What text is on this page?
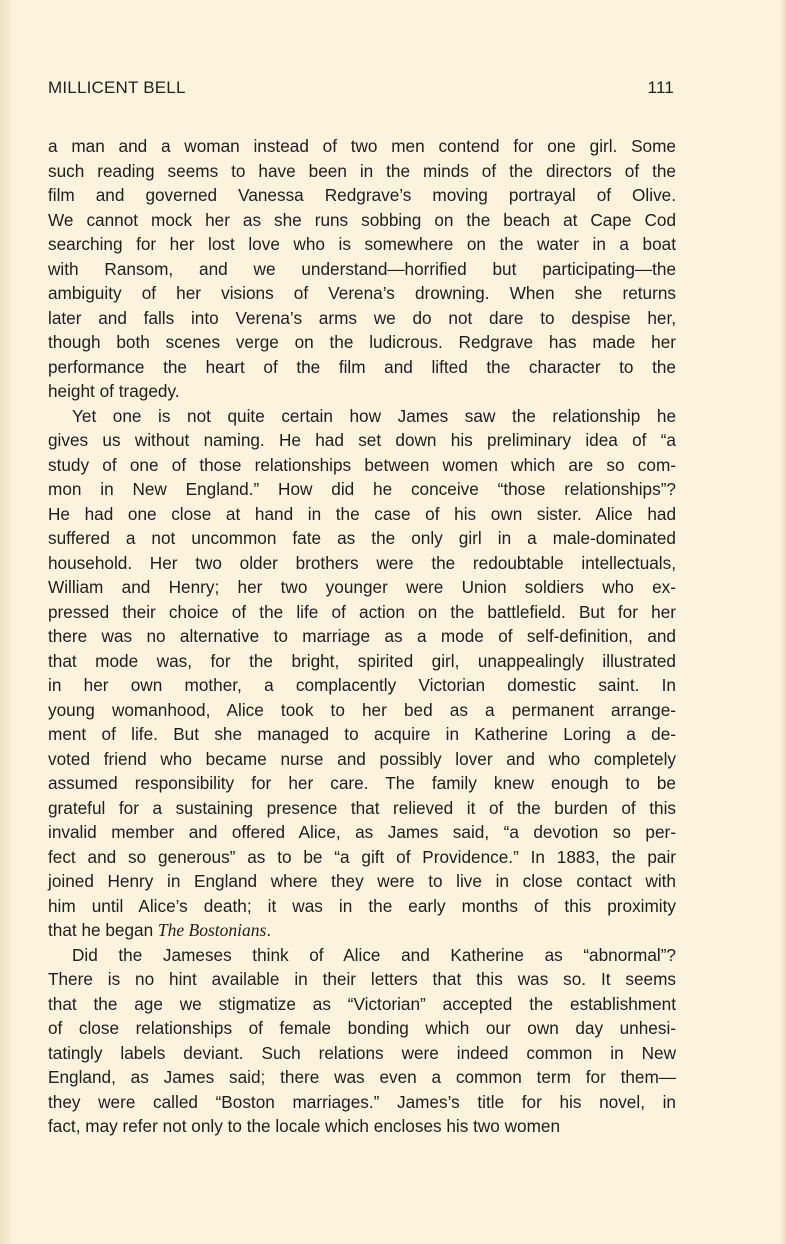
MILLICENT BELL	111
a man and a woman instead of two men contend for one girl. Some
such reading seems to have been in the minds of the directors of the
film and governed Vanessa Redgrave’s moving portrayal of Olive.
We cannot mock her as she runs sobbing on the beach at Cape Cod
searching for her lost love who is somewhere on the water in a boat
with Ransom, and we understand—horrified but participating—the
ambiguity of her visions of Verena’s drowning. When she returns
later and falls into Verena’s arms we do not dare to despise her,
though both scenes verge on the ludicrous. Redgrave has made her
performance the heart of the film and lifted the character to the
height of tragedy.
Yet one is not quite certain how James saw the relationship he
gives us without naming. He had set down his preliminary idea of “a
study of one of those relationships between women which are so com-
mon in New England.” How did he conceive “those relationships”?
He had one close at hand in the case of his own sister. Alice had
suffered a not uncommon fate as the only girl in a male-dominated
household. Her two older brothers were the redoubtable intellectuals,
William and Henry; her two younger were Union soldiers who ex-
pressed their choice of the life of action on the battlefield. But for her
there was no alternative to marriage as a mode of self-definition, and
that mode was, for the bright, spirited girl, unappealingly illustrated
in her own mother, a complacently Victorian domestic saint. In
young womanhood, Alice took to her bed as a permanent arrange-
ment of life. But she managed to acquire in Katherine Loring a de-
voted friend who became nurse and possibly lover and who completely
assumed responsibility for her care. The family knew enough to be
grateful for a sustaining presence that relieved it of the burden of this
invalid member and offered Alice, as James said, “a devotion so per-
fect and so generous” as to be “a gift of Providence.” In 1883, the pair
joined Henry in England where they were to live in close contact with
him until Alice’s death; it was in the early months of this proximity
that he began The Bostonians.
Did the Jameses think of Alice and Katherine as “abnormal”?
There is no hint available in their letters that this was so. It seems
that the age we stigmatize as “Victorian” accepted the establishment
of close relationships of female bonding which our own day unhesi-
tatingly labels deviant. Such relations were indeed common in New
England, as James said; there was even a common term for them—
they were called “Boston marriages.” James’s title for his novel, in
fact, may refer not only to the locale which encloses his two women
